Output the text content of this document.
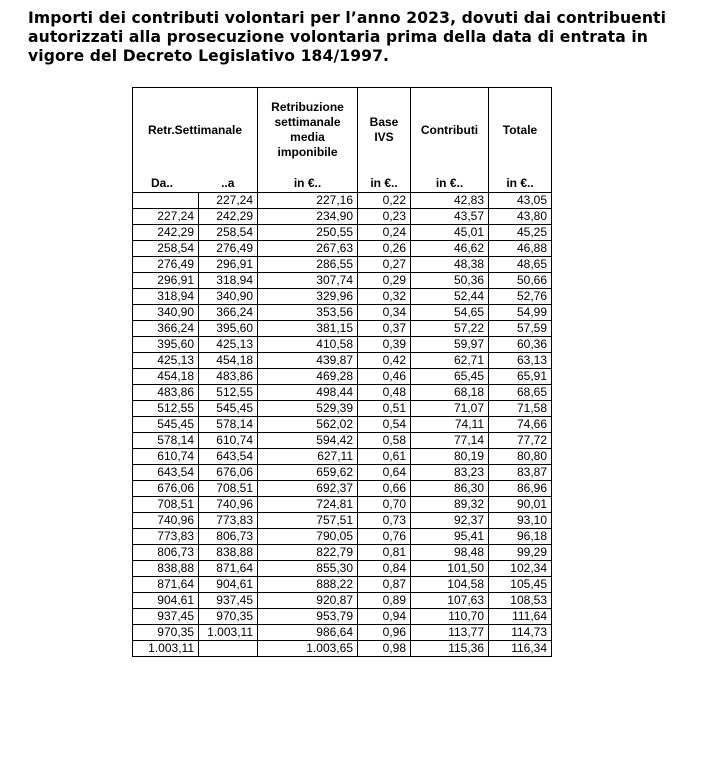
Importi dei contributi volontari per l’anno 2023, dovuti dai contribuenti autorizzati alla prosecuzione volontaria prima della data di entrata in vigore del Decreto Legislativo 184/1997.

Retr.Settimanale		Retribuzione settimanale media imponibile	Base IVS	Contributi	Totale
Da..	..a	in €..	in €..	in €..	in €..
	227,24	227,16	0,22	42,83	43,05
227,24	242,29	234,90	0,23	43,57	43,80
242,29	258,54	250,55	0,24	45,01	45,25
258,54	276,49	267,63	0,26	46,62	46,88
276,49	296,91	286,55	0,27	48,38	48,65
296,91	318,94	307,74	0,29	50,36	50,66
318,94	340,90	329,96	0,32	52,44	52,76
340,90	366,24	353,56	0,34	54,65	54,99
366,24	395,60	381,15	0,37	57,22	57,59
395,60	425,13	410,58	0,39	59,97	60,36
425,13	454,18	439,87	0,42	62,71	63,13
454,18	483,86	469,28	0,46	65,45	65,91
483,86	512,55	498,44	0,48	68,18	68,65
512,55	545,45	529,39	0,51	71,07	71,58
545,45	578,14	562,02	0,54	74,11	74,66
578,14	610,74	594,42	0,58	77,14	77,72
610,74	643,54	627,11	0,61	80,19	80,80
643,54	676,06	659,62	0,64	83,23	83,87
676,06	708,51	692,37	0,66	86,30	86,96
708,51	740,96	724,81	0,70	89,32	90,01
740,96	773,83	757,51	0,73	92,37	93,10
773,83	806,73	790,05	0,76	95,41	96,18
806,73	838,88	822,79	0,81	98,48	99,29
838,88	871,64	855,30	0,84	101,50	102,34
871,64	904,61	888,22	0,87	104,58	105,45
904,61	937,45	920,87	0,89	107,63	108,53
937,45	970,35	953,79	0,94	110,70	111,64
970,35	1.003,11	986,64	0,96	113,77	114,73
1.003,11		1.003,65	0,98	115,36	116,34
